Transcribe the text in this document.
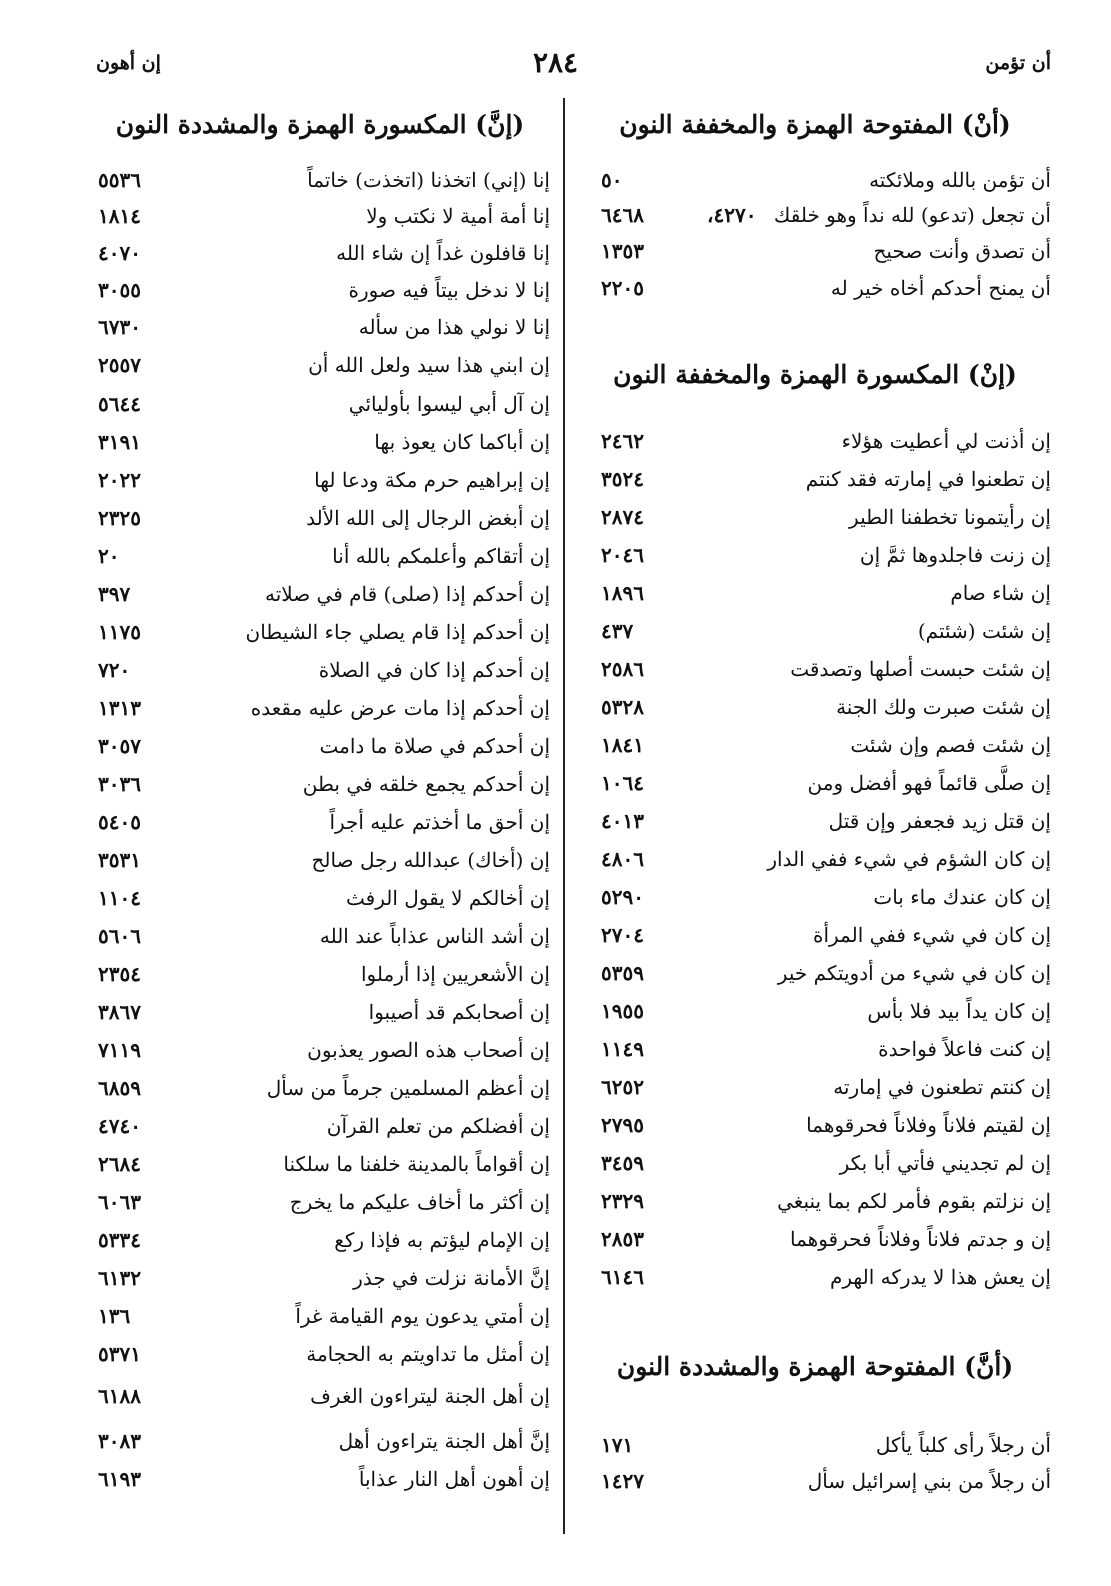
إن أهون	٢٨٤	أن تؤمن
(أنْ) المفتوحة الهمزة والمخففة النون
أن تؤمن بالله وملائكته
٥٠
أن تجعل (تدعو) لله نداً وهو خلقك
٤٢٧٠،
٦٤٦٨
أن تصدق وأنت صحيح
١٣٥٣
أن يمنح أحدكم أخاه خير له
٢٢٠٥
(إنْ) المكسورة الهمزة والمخففة النون
إن أذنت لي أعطيت هؤلاء
٢٤٦٢
إن تطعنوا في إمارته فقد كنتم
٣٥٢٤
إن رأيتمونا تخطفنا الطير
٢٨٧٤
إن زنت فاجلدوها ثمَّ إن
٢٠٤٦
إن شاء صام
١٨٩٦
إن شئت (شئتم)
٤٣٧
إن شئت حبست أصلها وتصدقت
٢٥٨٦
إن شئت صبرت ولك الجنة
٥٣٢٨
إن شئت فصم وإن شئت
١٨٤١
إن صلَّى قائماً فهو أفضل ومن
١٠٦٤
إن قتل زيد فجعفر وإن قتل
٤٠١٣
إن كان الشؤم في شيء ففي الدار
٤٨٠٦
إن كان عندك ماء بات
٥٢٩٠
إن كان في شيء ففي المرأة
٢٧٠٤
إن كان في شيء من أدويتكم خير
٥٣٥٩
إن كان يداً بيد فلا بأس
١٩٥٥
إن كنت فاعلاً فواحدة
١١٤٩
إن كنتم تطعنون في إمارته
٦٢٥٢
إن لقيتم فلاناً وفلاناً فحرقوهما
٢٧٩٥
إن لم تجديني فأتي أبا بكر
٣٤٥٩
إن نزلتم بقوم فأمر لكم بما ينبغي
٢٣٢٩
إن و جدتم فلاناً وفلاناً فحرقوهما
٢٨٥٣
إن يعش هذا لا يدركه الهرم
٦١٤٦
(أنَّ) المفتوحة الهمزة والمشددة النون
أن رجلاً رأى كلباً يأكل
١٧١
أن رجلاً من بني إسرائيل سأل
١٤٢٧
(إنَّ) المكسورة الهمزة والمشددة النون
إنا (إني) اتخذنا (اتخذت) خاتماً
٥٥٣٦
إنا أمة أمية لا نكتب ولا
١٨١٤
إنا قافلون غداً إن شاء الله
٤٠٧٠
إنا لا ندخل بيتاً فيه صورة
٣٠٥٥
إنا لا نولي هذا من سأله
٦٧٣٠
إن ابني هذا سيد ولعل الله أن
٢٥٥٧
إن آل أبي ليسوا بأوليائي
٥٦٤٤
إن أباكما كان يعوذ بها
٣١٩١
إن إبراهيم حرم مكة ودعا لها
٢٠٢٢
إن أبغض الرجال إلى الله الألد
٢٣٢٥
إن أتقاكم وأعلمكم بالله أنا
٢٠
إن أحدكم إذا (صلى) قام في صلاته
٣٩٧
إن أحدكم إذا قام يصلي جاء الشيطان
١١٧٥
إن أحدكم إذا كان في الصلاة
٧٢٠
إن أحدكم إذا مات عرض عليه مقعده
١٣١٣
إن أحدكم في صلاة ما دامت
٣٠٥٧
إن أحدكم يجمع خلقه في بطن
٣٠٣٦
إن أحق ما أخذتم عليه أجراً
٥٤٠٥
إن (أخاك) عبدالله رجل صالح
٣٥٣١
إن أخالكم لا يقول الرفث
١١٠٤
إن أشد الناس عذاباً عند الله
٥٦٠٦
إن الأشعريين إذا أرملوا
٢٣٥٤
إن أصحابكم قد أصيبوا
٣٨٦٧
إن أصحاب هذه الصور يعذبون
٧١١٩
إن أعظم المسلمين جرماً من سأل
٦٨٥٩
إن أفضلكم من تعلم القرآن
٤٧٤٠
إن أقواماً بالمدينة خلفنا ما سلكنا
٢٦٨٤
إن أكثر ما أخاف عليكم ما يخرج
٦٠٦٣
إن الإمام ليؤتم به فإذا ركع
٥٣٣٤
إنَّ الأمانة نزلت في جذر
٦١٣٢
إن أمتي يدعون يوم القيامة غراً
١٣٦
إن أمثل ما تداويتم به الحجامة
٥٣٧١
إن أهل الجنة ليتراءون الغرف
٦١٨٨
إنَّ أهل الجنة يتراءون أهل
٣٠٨٣
إن أهون أهل النار عذاباً
٦١٩٣
